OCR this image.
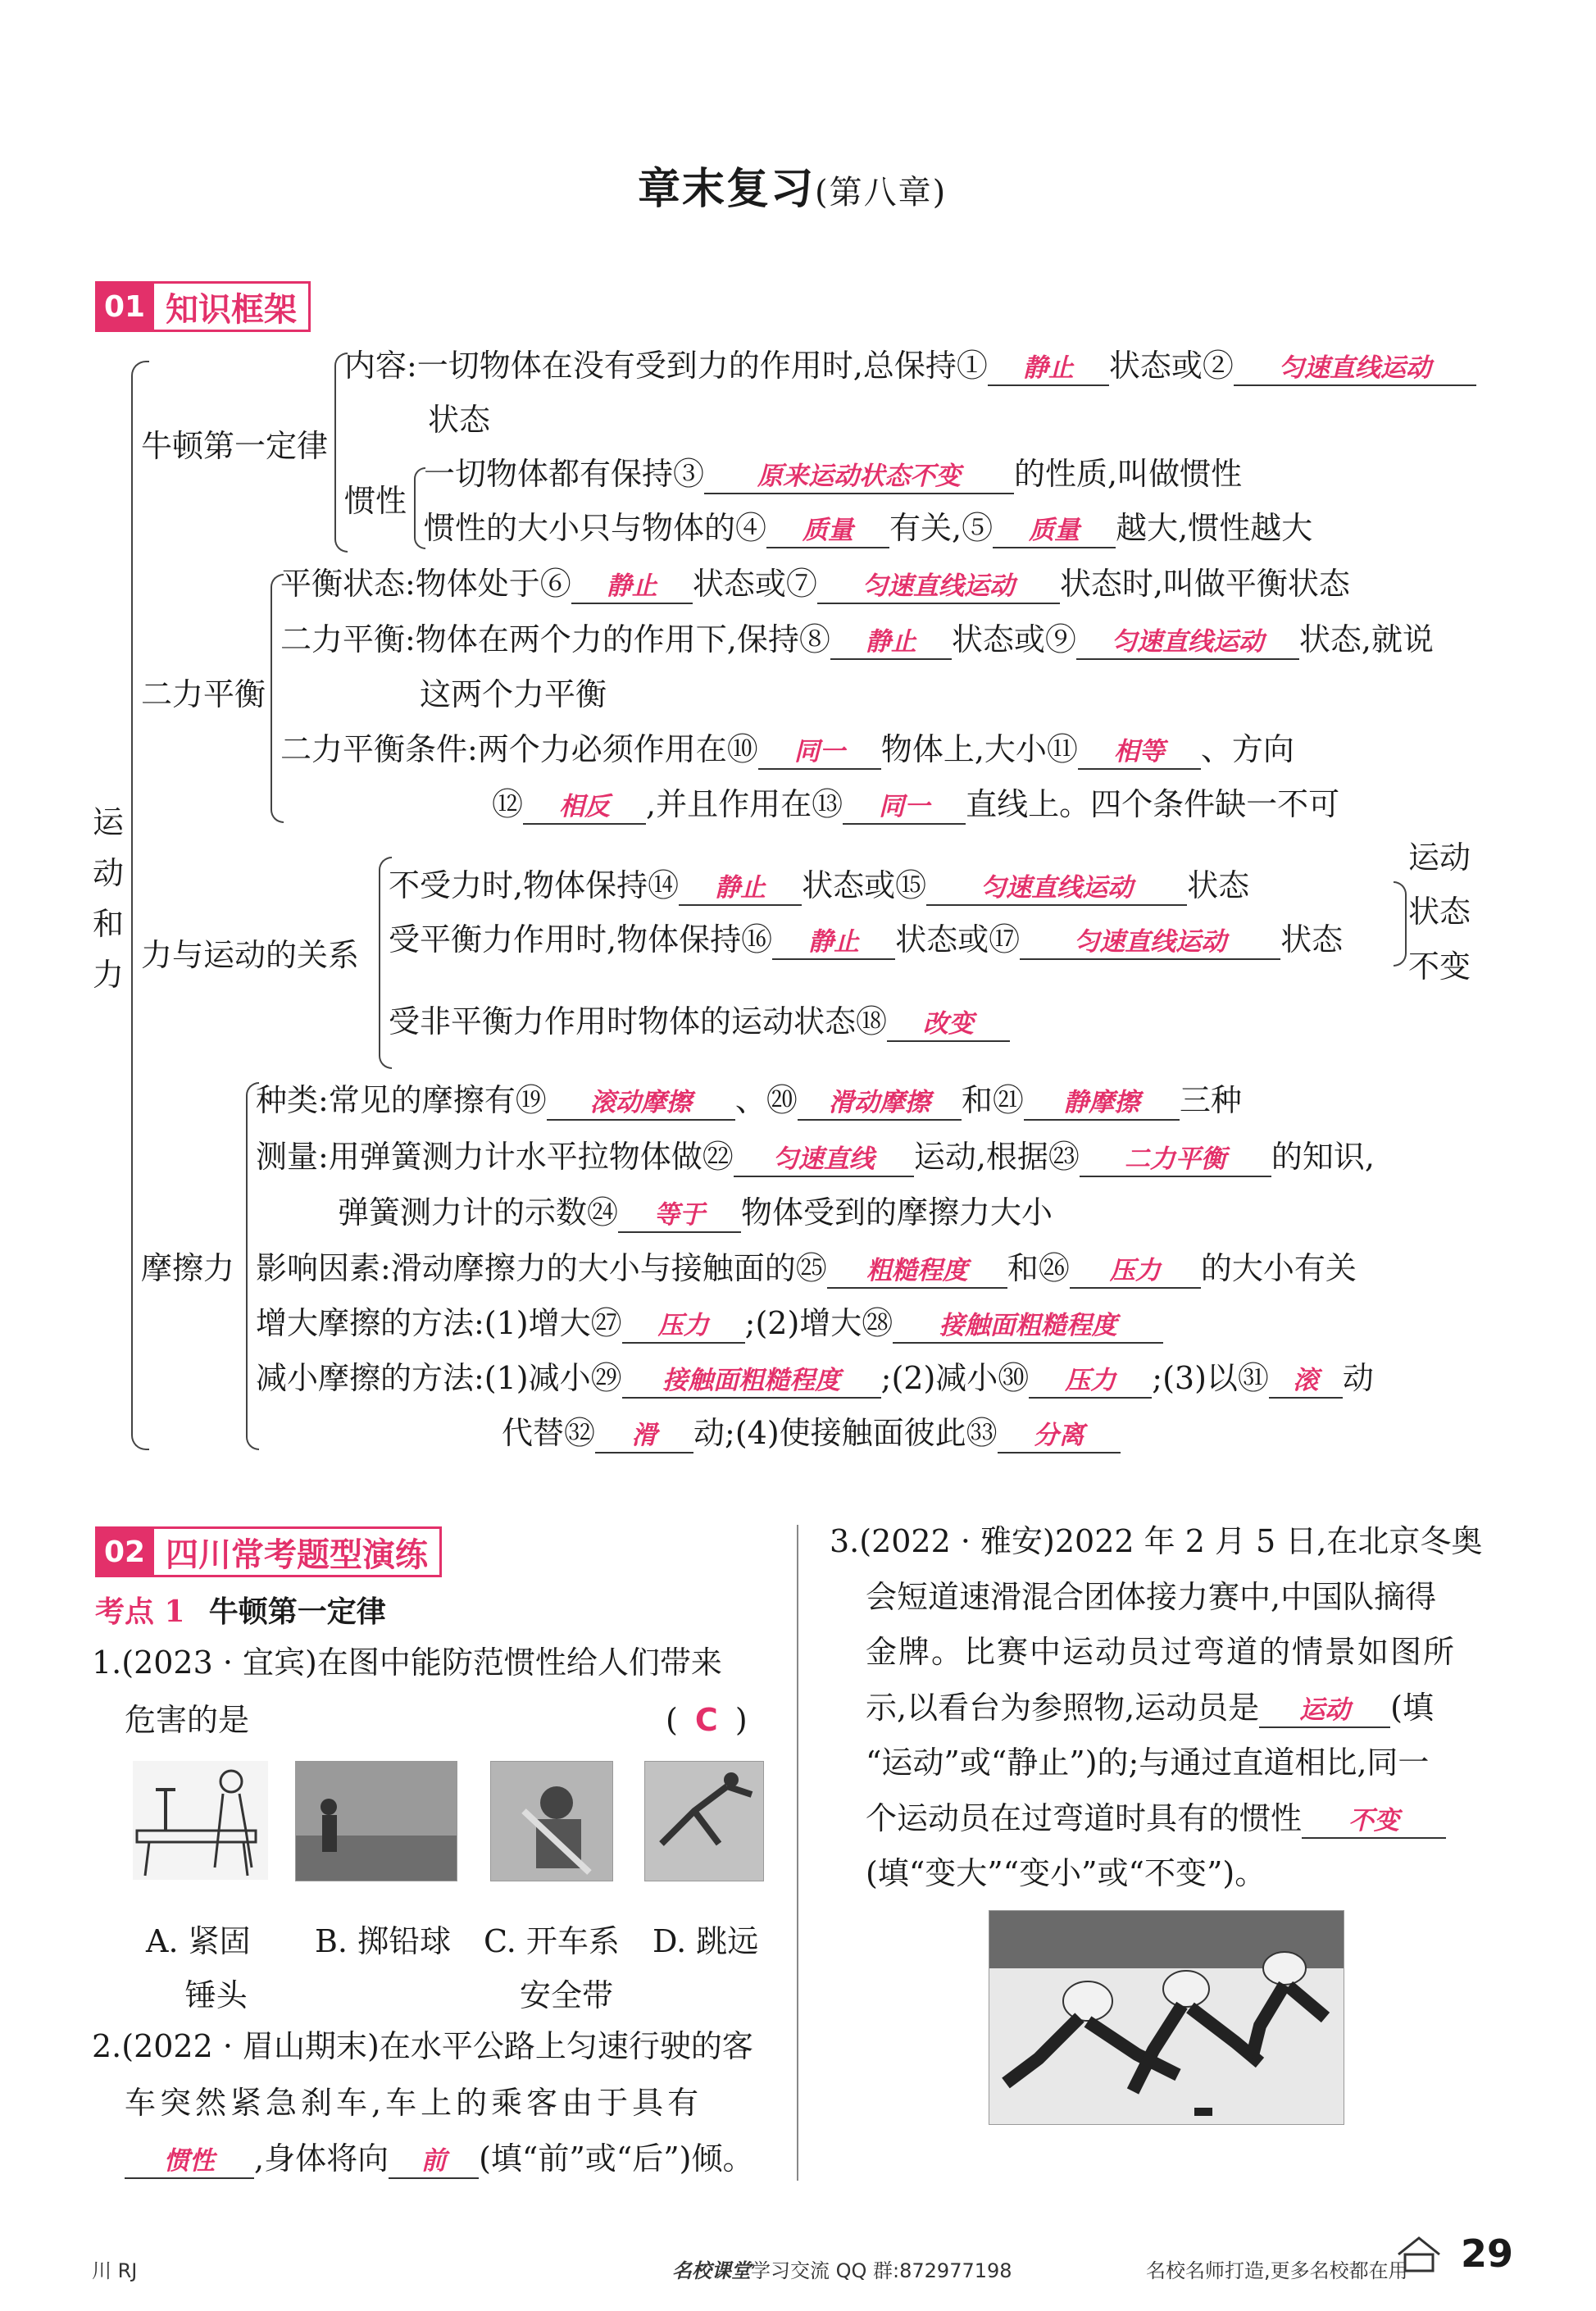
章末复习(第八章)
01 知识框架
运动和力
牛顿第一定律
内容:一切物体在没有受到力的作用时,总保持① 静止 状态或② 匀速直线运动
状态
惯性
一切物体都有保持③ 原来运动状态不变 的性质,叫做惯性
惯性的大小只与物体的④ 质量 有关,⑤ 质量 越大,惯性越大
二力平衡
平衡状态:物体处于⑥ 静止 状态或⑦ 匀速直线运动 状态时,叫做平衡状态
二力平衡:物体在两个力的作用下,保持⑧ 静止 状态或⑨ 匀速直线运动 状态,就说
这两个力平衡
二力平衡条件:两个力必须作用在⑩ 同一 物体上,大小⑪ 相等 、方向
⑫ 相反 ,并且作用在⑬ 同一 直线上。四个条件缺一不可
力与运动的关系
不受力时,物体保持⑭ 静止 状态或⑮ 匀速直线运动 状态
受平衡力作用时,物体保持⑯ 静止 状态或⑰ 匀速直线运动 状态
运动
状态
不变
受非平衡力作用时物体的运动状态⑱ 改变
摩擦力
种类:常见的摩擦有⑲ 滚动摩擦 、⑳ 滑动摩擦 和㉑ 静摩擦 三种
测量:用弹簧测力计水平拉物体做㉒ 匀速直线 运动,根据㉓ 二力平衡 的知识,
弹簧测力计的示数㉔ 等于 物体受到的摩擦力大小
影响因素:滑动摩擦力的大小与接触面的㉕ 粗糙程度 和㉖ 压力 的大小有关
增大摩擦的方法:(1)增大㉗ 压力 ;(2)增大㉘ 接触面粗糙程度
减小摩擦的方法:(1)减小㉙ 接触面粗糙程度 ;(2)减小㉚ 压力 ;(3)以㉛ 滚 动
代替㉜ 滑 动;(4)使接触面彼此㉝ 分离
02 四川常考题型演练
考点 1 牛顿第一定律
1.(2023 · 宜宾)在图中能防范惯性给人们带来
危害的是	( C )
A. 紧固
锤头
B. 掷铅球 C. 开车系
安全带
D. 跳远
2.(2022 · 眉山期末)在水平公路上匀速行驶的客
车突然紧急刹车,车上的乘客由于具有
惯性 ,身体将向 前 (填“前”或“后”)倾。
3.(2022 · 雅安)2022 年 2 月 5 日,在北京冬奥
会短道速滑混合团体接力赛中,中国队摘得
金牌。比赛中运动员过弯道的情景如图所
示,以看台为参照物,运动员是 运动 (填
“运动”或“静止”)的;与通过直道相比,同一
个运动员在过弯道时具有的惯性 不变
(填“变大”“变小”或“不变”)。
川 RJ	名校课堂学习交流 QQ 群:872977198	名校名师打造,更多名校都在用 29
